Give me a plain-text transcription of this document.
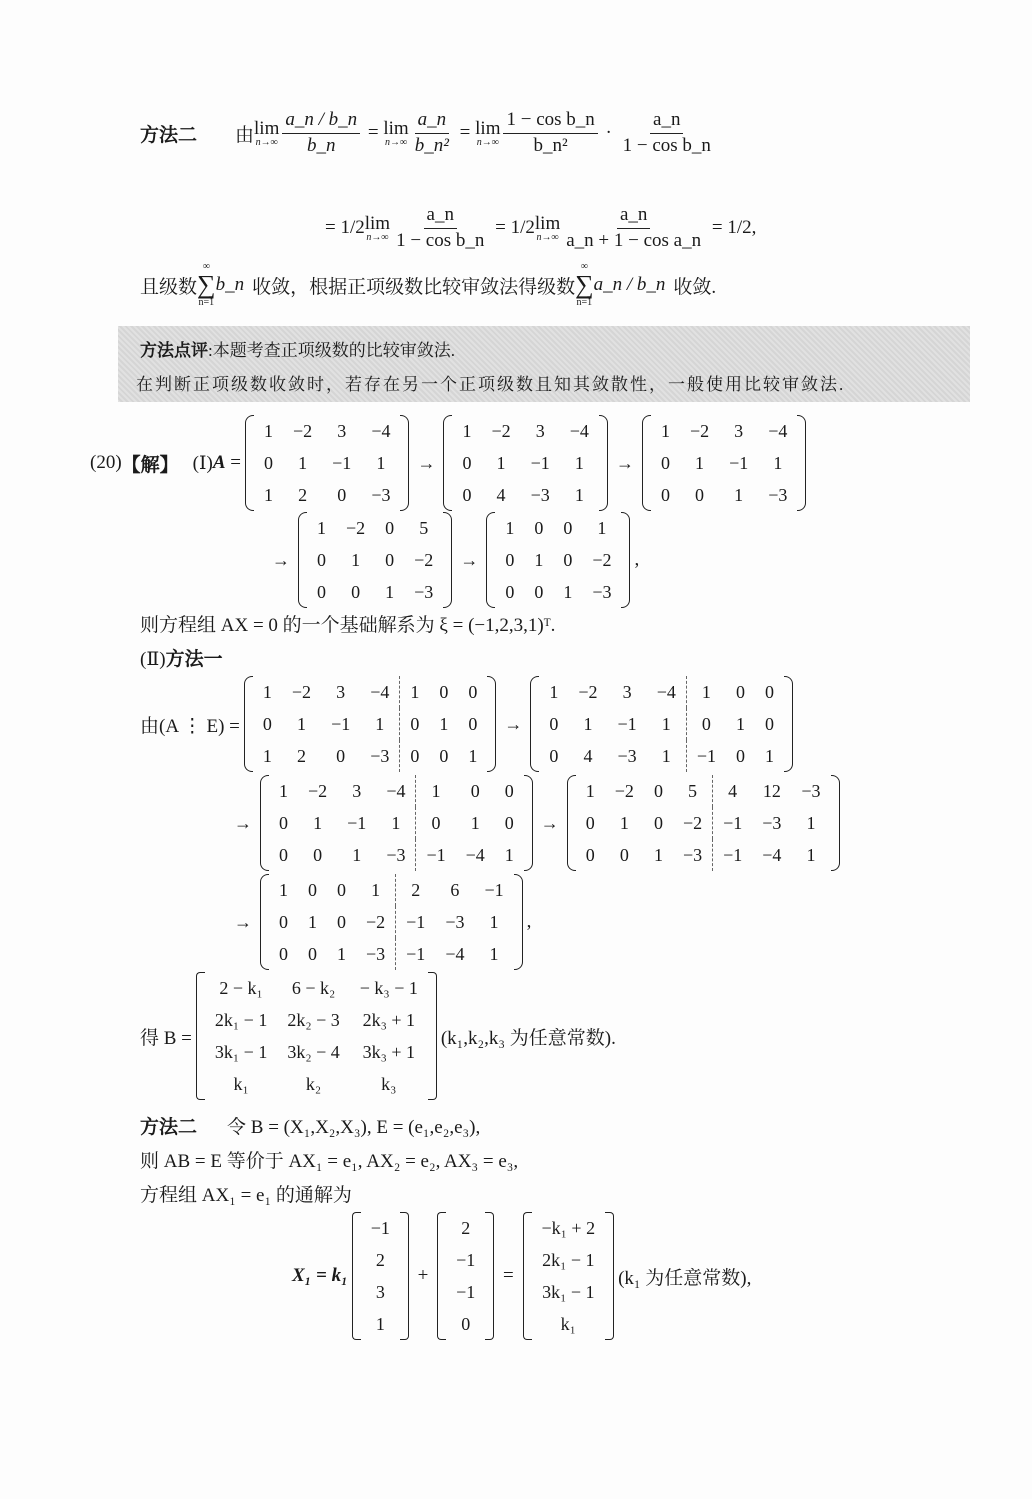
方法二 由 lim
$n\to\infty \frac{a\_n / b\_n}{b\_n} = \lim$
$n\to\infty \frac{a\_n}{\text{b\_n²}} = \lim$
$n\to\infty \frac{\text{1 − cos b\_n}}{\text{b\_n²}} \cdot \frac{a\_n}{\text{1 − cos b\_n}}$
= 1/2 lim
$n\to\infty \frac{a\_n}{\text{1 − cos b\_n}} = 1/2$ lim
$n\to\infty \frac{a\_n}{\text{a\_n + 1 − cos a\_n}} = 1/2$ ,
且级数
∞
∑
n=1
b_n 收敛，根据正项级数比较审敛法得级数
∞
∑
n=1
a_n / b_n 收敛.
方法点评:本题考查正项级数的比较审敛法.
在判断正项级数收敛时，若存在另一个正项级数且知其敛散性，一般使用比较审敛法.
(20) 【解】 (Ⅰ) A =
1	−2	3	−4
0	1	−1	1
1	2	0	−3
→
1	−2	3	−4
0	1	−1	1
0	4	−3	1
→
1	−2	3	−4
0	1	−1	1
0	0	1	−3
→
1	−2	0	5
0	1	0	−2
0	0	1	−3
→
1	0	0	1
0	1	0	−2
0	0	1	−3
,
则方程组 AX = 0 的一个基础解系为 ξ = (−1,2,3,1)ᵀ.
(Ⅱ)方法一
由(A ⋮ E) =
1	−2	3	−4	1	0	0
0	1	−1	1	0	1	0
1	2	0	−3	0	0	1
→
1	−2	3	−4	1	0	0
0	1	−1	1	0	1	0
0	4	−3	1	−1	0	1
→
1	−2	3	−4	1	0	0
0	1	−1	1	0	1	0
0	0	1	−3	−1	−4	1
→
1	−2	0	5	4	12	−3
0	1	0	−2	−1	−3	1
0	0	1	−3	−1	−4	1
→
1	0	0	1	2	6	−1
0	1	0	−2	−1	−3	1
0	0	1	−3	−1	−4	1
,
得 B =
2 − k₁	6 − k₂	− k₃ − 1
2k₁ − 1	2k₂ − 3	2k₃ + 1
3k₁ − 1	3k₂ − 4	3k₃ + 1
k₁	k₂	k₃
(k₁,k₂,k₃ 为任意常数).
方法二 令 B = (X₁,X₂,X₃), E = (e₁,e₂,e₃),
则 AB = E 等价于 AX₁ = e₁, AX₂ = e₂, AX₃ = e₃,
方程组 AX₁ = e₁ 的通解为
X₁ = k₁
−1
2
3
1
+
2
−1
−1
0
=
−k₁ + 2
2k₁ − 1
3k₁ − 1
k₁
(k₁ 为任意常数),
